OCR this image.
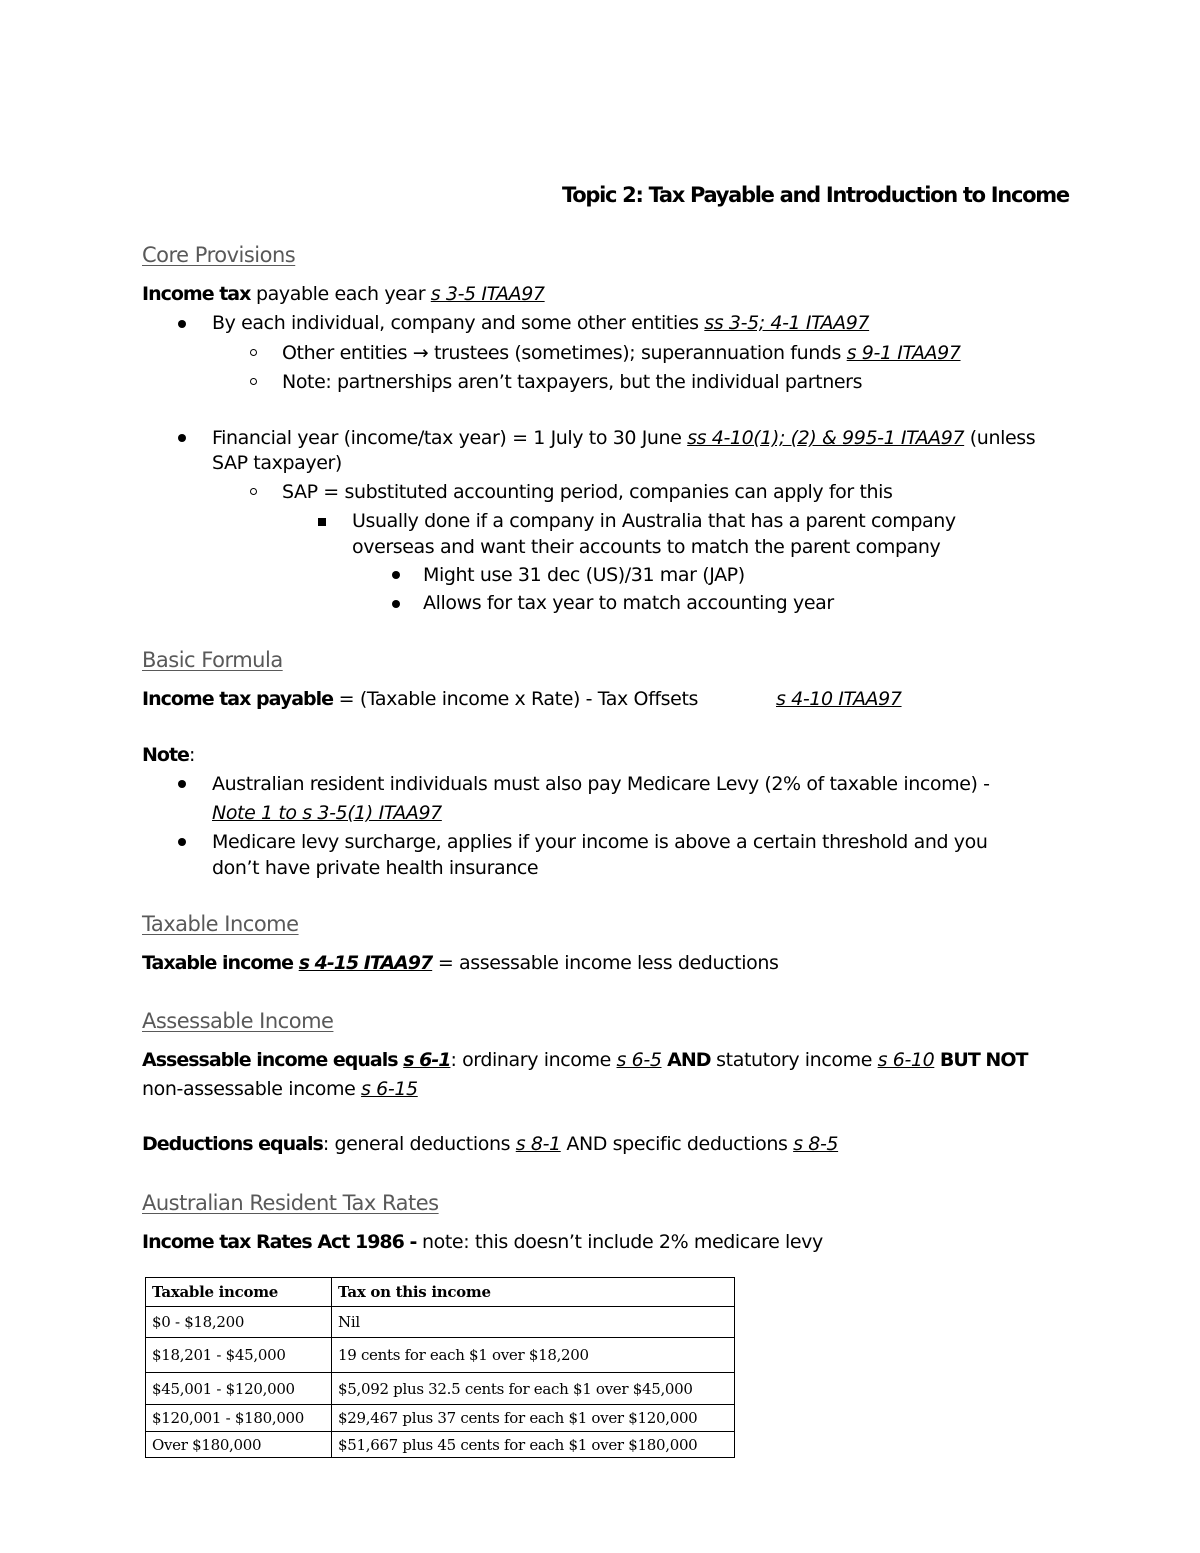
Topic 2: Tax Payable and Introduction to Income
Core Provisions
Income tax payable each year s 3-5 ITAA97
By each individual, company and some other entities ss 3-5; 4-1 ITAA97
Other entities → trustees (sometimes); superannuation funds s 9-1 ITAA97
Note: partnerships aren’t taxpayers, but the individual partners
Financial year (income/tax year) = 1 July to 30 June ss 4-10(1); (2) & 995-1 ITAA97 (unless
SAP taxpayer)
SAP = substituted accounting period, companies can apply for this
Usually done if a company in Australia that has a parent company
overseas and want their accounts to match the parent company
Might use 31 dec (US)/31 mar (JAP)
Allows for tax year to match accounting year
Basic Formula
Income tax payable = (Taxable income x Rate) - Tax Offsets	s 4-10 ITAA97
Note:
Australian resident individuals must also pay Medicare Levy (2% of taxable income) -
Note 1 to s 3-5(1) ITAA97
Medicare levy surcharge, applies if your income is above a certain threshold and you
don’t have private health insurance
Taxable Income
Taxable income s 4-15 ITAA97 = assessable income less deductions
Assessable Income
Assessable income equals s 6-1: ordinary income s 6-5 AND statutory income s 6-10 BUT NOT
non-assessable income s 6-15
Deductions equals: general deductions s 8-1 AND specific deductions s 8-5
Australian Resident Tax Rates
Income tax Rates Act 1986 - note: this doesn’t include 2% medicare levy
Taxable income	Tax on this income
$0 - $18,200	Nil
$18,201 - $45,000	19 cents for each $1 over $18,200
$45,001 - $120,000	$5,092 plus 32.5 cents for each $1 over $45,000
$120,001 - $180,000	$29,467 plus 37 cents for each $1 over $120,000
Over $180,000	$51,667 plus 45 cents for each $1 over $180,000
